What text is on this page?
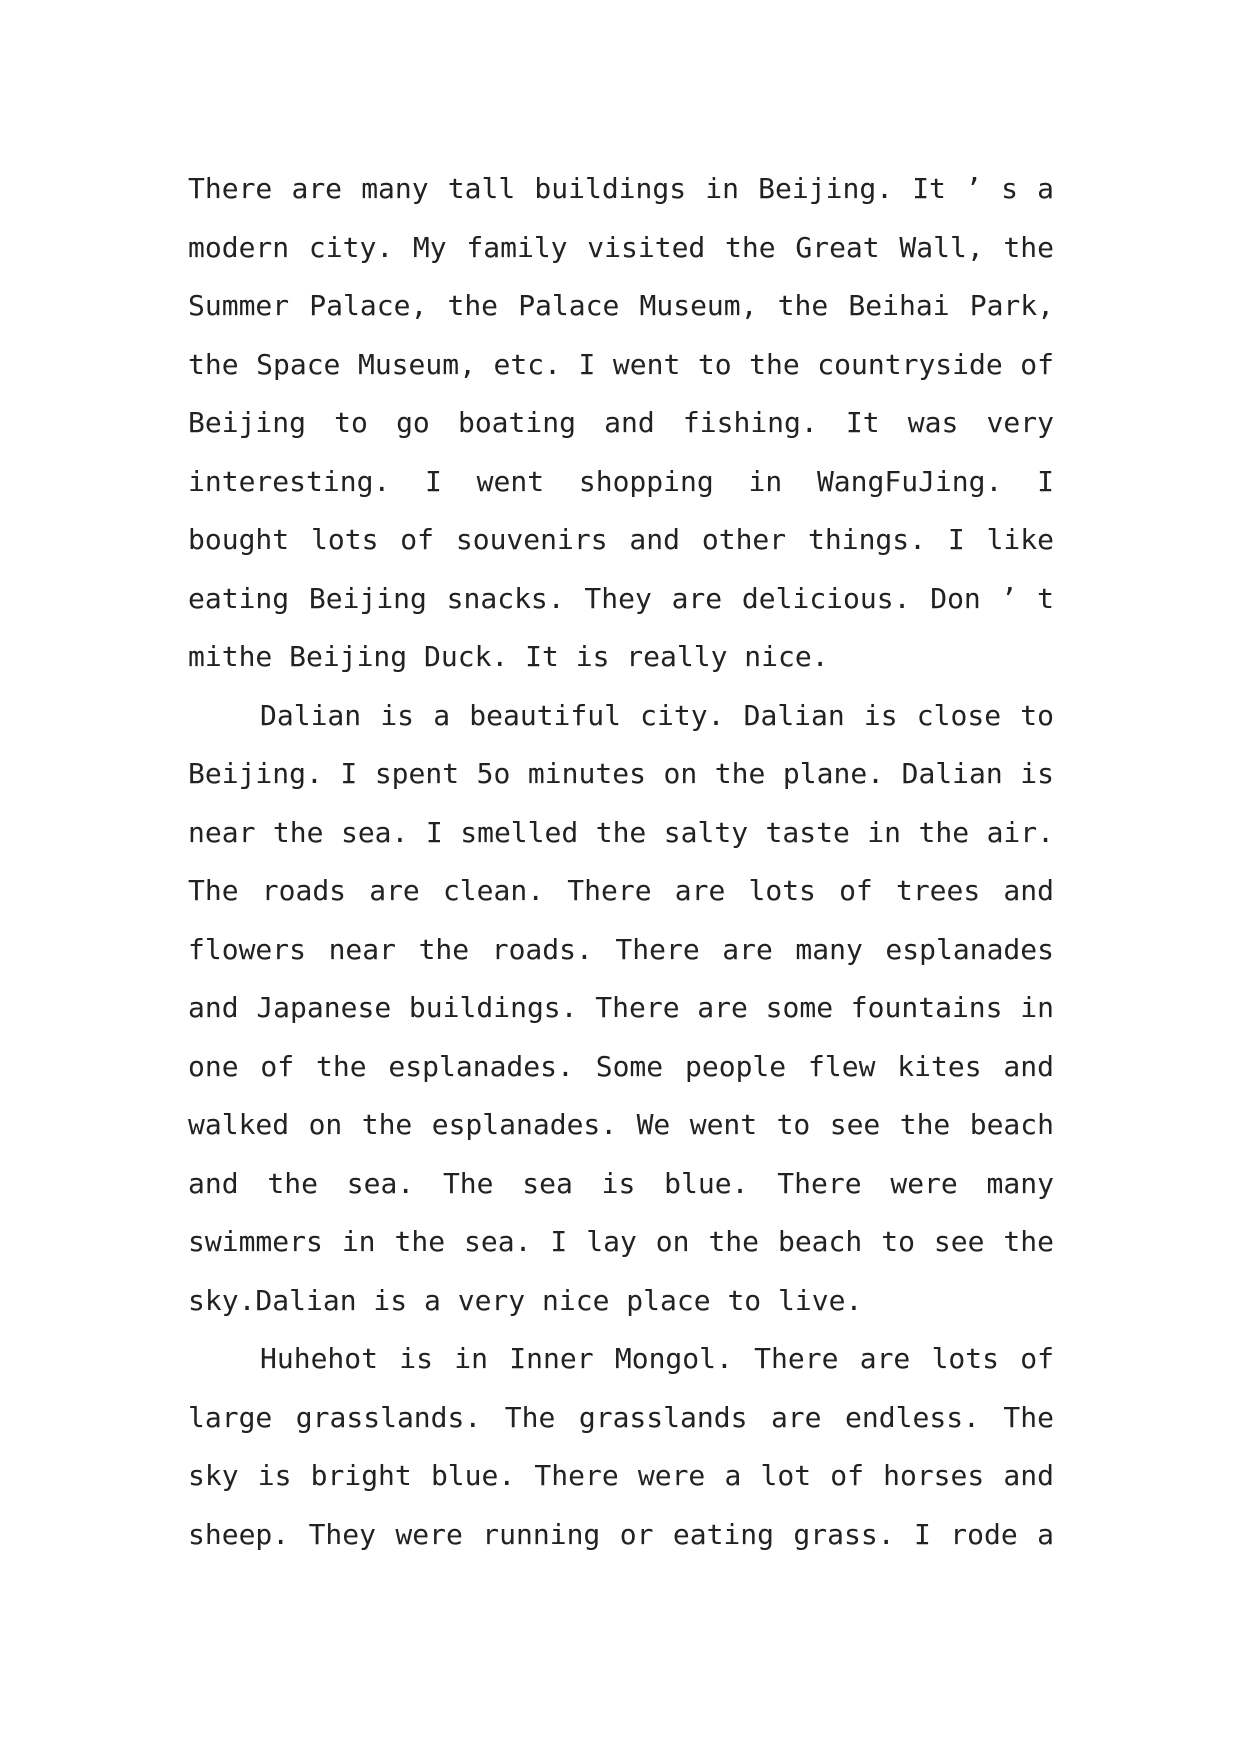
There are many tall buildings in Beijing. It ’ s a
modern city. My family visited the Great Wall, the
Summer Palace, the Palace Museum, the Beihai Park,
the Space Museum, etc. I went to the countryside of
Beijing to go boating and fishing. It was very
interesting. I went shopping in WangFuJing. I
bought lots of souvenirs and other things. I like
eating Beijing snacks. They are delicious. Don ’ t
mithe Beijing Duck. It is really nice.
Dalian is a beautiful city. Dalian is close to
Beijing. I spent 5o minutes on the plane. Dalian is
near the sea. I smelled the salty taste in the air.
The roads are clean. There are lots of trees and
flowers near the roads. There are many esplanades
and Japanese buildings. There are some fountains in
one of the esplanades. Some people flew kites and
walked on the esplanades. We went to see the beach
and the sea. The sea is blue. There were many
swimmers in the sea. I lay on the beach to see the
sky.Dalian is a very nice place to live.
Huhehot is in Inner Mongol. There are lots of
large grasslands. The grasslands are endless. The
sky is bright blue. There were a lot of horses and
sheep. They were running or eating grass. I rode a
